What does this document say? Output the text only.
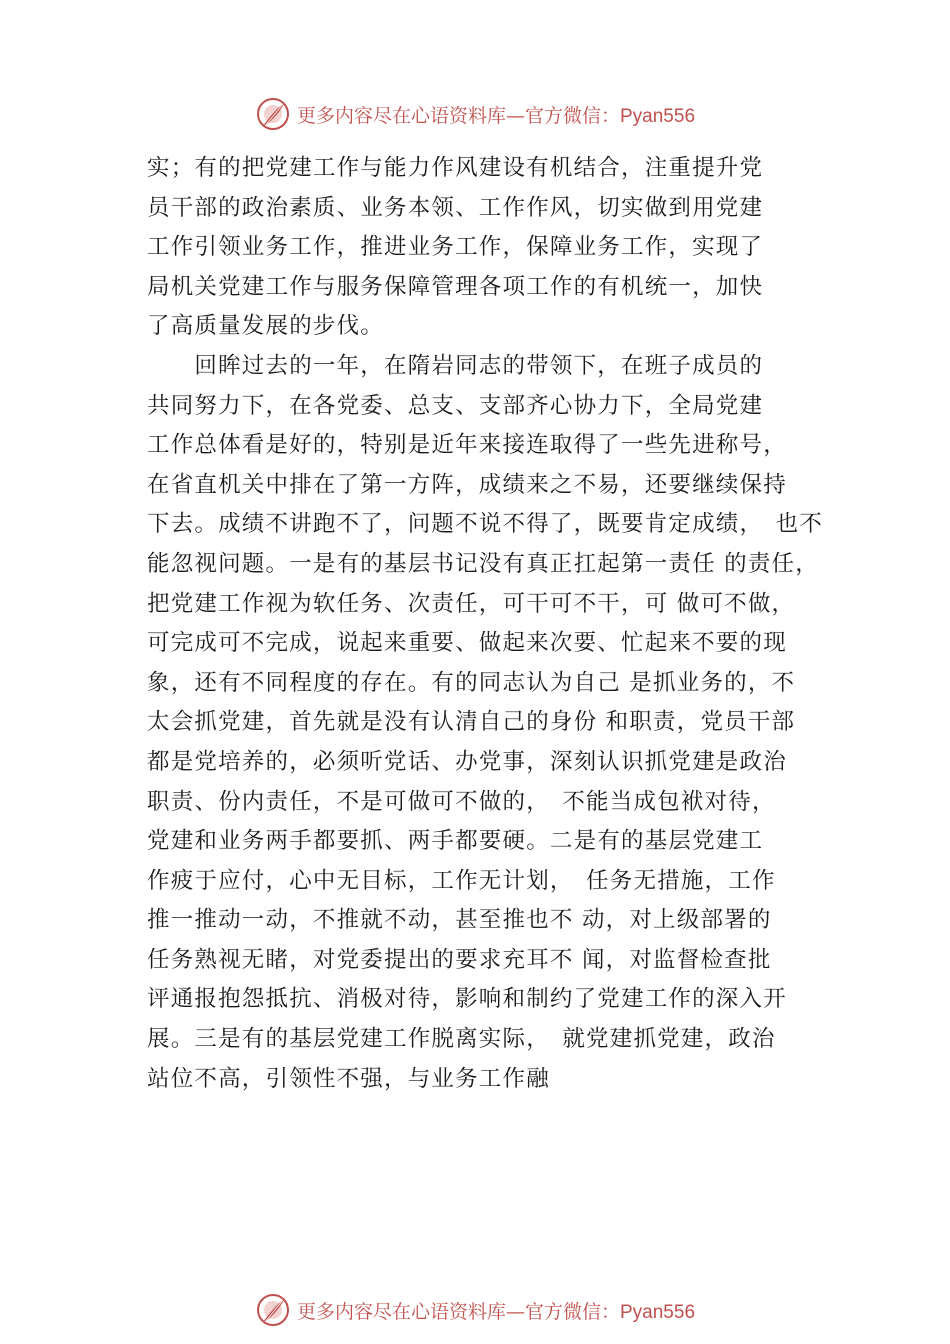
更多内容尽在心语资料库—官方微信：Pyan556
实；有的把党建工作与能力作风建设有机结合，注重提升党
员干部的政治素质、业务本领、工作作风，切实做到用党建
工作引领业务工作，推进业务工作，保障业务工作，实现了
局机关党建工作与服务保障管理各项工作的有机统一，加快
了高质量发展的步伐。
　　回眸过去的一年，在隋岩同志的带领下，在班子成员的
共同努力下，在各党委、总支、支部齐心协力下，全局党建
工作总体看是好的，特别是近年来接连取得了一些先进称号，
在省直机关中排在了第一方阵，成绩来之不易，还要继续保持
下去。成绩不讲跑不了，问题不说不得了，既要肯定成绩，　也不
能忽视问题。一是有的基层书记没有真正扛起第一责任 的责任，
把党建工作视为软任务、次责任，可干可不干，可 做可不做，
可完成可不完成，说起来重要、做起来次要、忙起来不要的现
象，还有不同程度的存在。有的同志认为自己 是抓业务的，不
太会抓党建，首先就是没有认清自己的身份 和职责，党员干部
都是党培养的，必须听党话、办党事，深刻认识抓党建是政治
职责、份内责任，不是可做可不做的，　不能当成包袱对待，
党建和业务两手都要抓、两手都要硬。二是有的基层党建工
作疲于应付，心中无目标，工作无计划，　任务无措施，工作
推一推动一动，不推就不动，甚至推也不 动，对上级部署的
任务熟视无睹，对党委提出的要求充耳不 闻，对监督检查批
评通报抱怨抵抗、消极对待，影响和制约了党建工作的深入开
展。三是有的基层党建工作脱离实际，　就党建抓党建，政治
站位不高，引领性不强，与业务工作融
更多内容尽在心语资料库—官方微信：Pyan556
